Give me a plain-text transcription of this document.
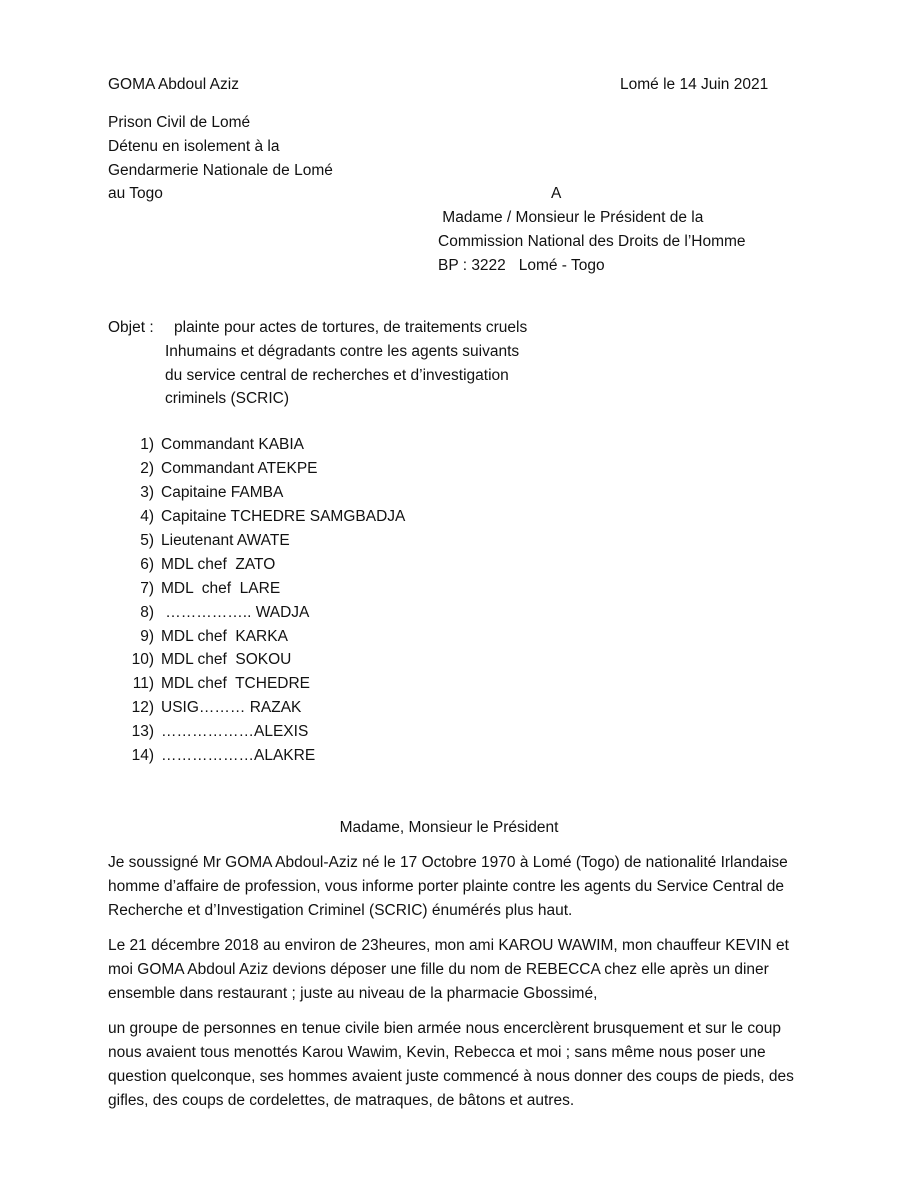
GOMA Abdoul Aziz	Lomé le 14 Juin 2021
Prison Civil de Lomé
Détenu en isolement à la
Gendarmerie Nationale de Lomé
au Togo	A
Madame / Monsieur le Président de la
Commission National des Droits de l’Homme
BP : 3222   Lomé - Togo
Objet : plainte pour actes de tortures, de traitements cruels
Inhumains et dégradants contre les agents suivants
du service central de recherches et d’investigation
criminels (SCRIC)
1) Commandant KABIA
2) Commandant ATEKPE
3) Capitaine FAMBA
4) Capitaine TCHEDRE SAMGBADJA
5) Lieutenant AWATE
6) MDL chef  ZATO
7) MDL  chef  LARE
8) …………….. WADJA
9) MDL chef  KARKA
10) MDL chef  SOKOU
11) MDL chef  TCHEDRE
12) USIG……… RAZAK
13) ………………ALEXIS
14) ………………ALAKRE
Madame, Monsieur le Président

Je soussigné Mr GOMA Abdoul-Aziz né le 17 Octobre 1970 à Lomé (Togo) de nationalité Irlandaise homme d’affaire de profession, vous informe porter plainte contre les agents du Service Central de Recherche et d’Investigation Criminel (SCRIC) énumérés plus haut.

Le 21 décembre 2018 au environ de 23heures, mon ami KAROU WAWIM, mon chauffeur KEVIN et moi GOMA Abdoul Aziz devions déposer une fille du nom de REBECCA chez elle après un diner ensemble dans restaurant ; juste au niveau de la pharmacie Gbossimé,

un groupe de personnes en tenue civile bien armée nous encerclèrent brusquement et sur le coup nous avaient tous menottés Karou Wawim, Kevin, Rebecca et moi ; sans même nous poser une question quelconque, ses hommes avaient juste commencé à nous donner des coups de pieds, des gifles, des coups de cordelettes, de matraques, de bâtons et autres.
